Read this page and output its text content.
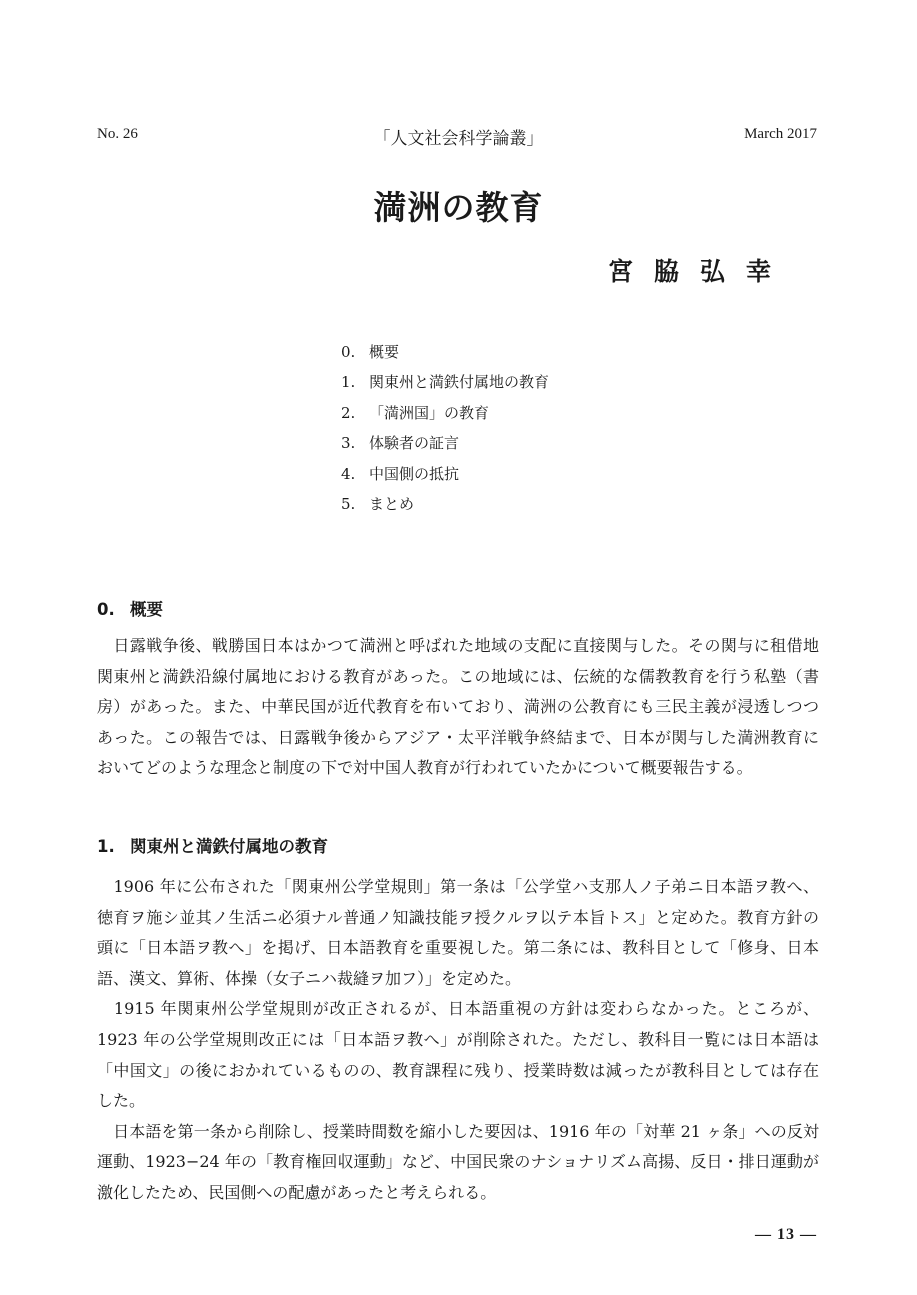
No. 26	「人文社会科学論叢」	March 2017
満洲の教育
宮脇弘幸
0. 概要
1. 関東州と満鉄付属地の教育
2. 「満洲国」の教育
3. 体験者の証言
4. 中国側の抵抗
5. まとめ
0. 概要

　日露戦争後、戦勝国日本はかつて満洲と呼ばれた地域の支配に直接関与した。その関与に租借地
関東州と満鉄沿線付属地における教育があった。この地域には、伝統的な儒教教育を行う私塾（書
房）があった。また、中華民国が近代教育を布いており、満洲の公教育にも三民主義が浸透しつつ
あった。この報告では、日露戦争後からアジア・太平洋戦争終結まで、日本が関与した満洲教育に
おいてどのような理念と制度の下で対中国人教育が行われていたかについて概要報告する。

1. 関東州と満鉄付属地の教育

　1906 年に公布された「関東州公学堂規則」第一条は「公学堂ハ支那人ノ子弟ニ日本語ヲ教へ、
徳育ヲ施シ並其ノ生活ニ必須ナル普通ノ知識技能ヲ授クルヲ以テ本旨トス」と定めた。教育方針の
頭に「日本語ヲ教へ」を掲げ、日本語教育を重要視した。第二条には、教科目として「修身、日本
語、漢文、算術、体操（女子ニハ裁縫ヲ加フ）」を定めた。
　1915 年関東州公学堂規則が改正されるが、日本語重視の方針は変わらなかった。ところが、
1923 年の公学堂規則改正には「日本語ヲ教へ」が削除された。ただし、教科目一覧には日本語は
「中国文」の後におかれているものの、教育課程に残り、授業時数は減ったが教科目としては存在
した。
　日本語を第一条から削除し、授業時間数を縮小した要因は、1916 年の「対華 21 ヶ条」への反対
運動、1923−24 年の「教育権回収運動」など、中国民衆のナショナリズム高揚、反日・排日運動が
激化したため、民国側への配慮があったと考えられる。

— 13 —
